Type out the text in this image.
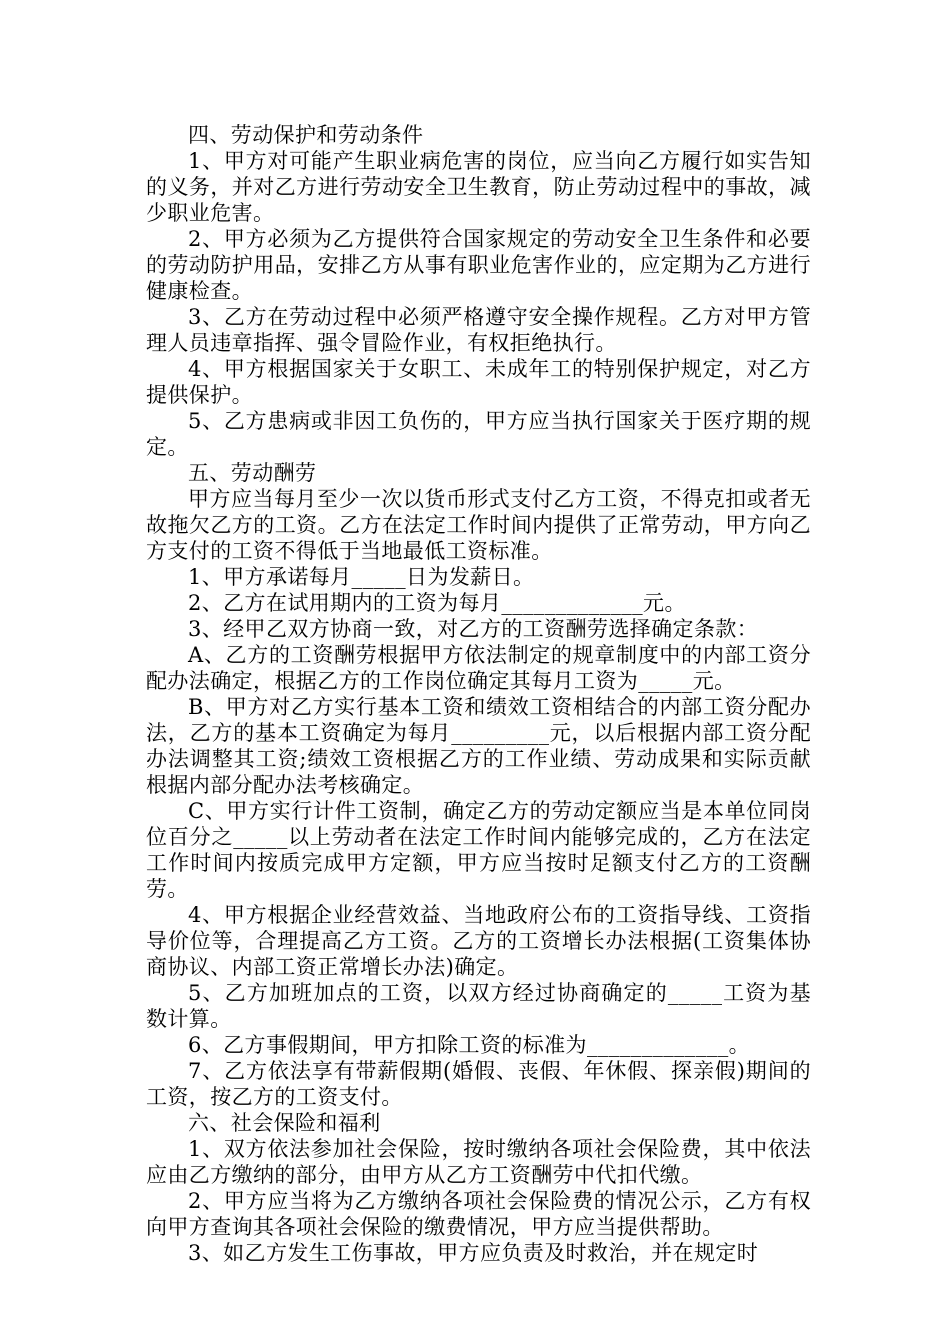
四、劳动保护和劳动条件

1、甲方对可能产生职业病危害的岗位，应当向乙方履行如实告知的义务，并对乙方进行劳动安全卫生教育，防止劳动过程中的事故，减少职业危害。

2、甲方必须为乙方提供符合国家规定的劳动安全卫生条件和必要的劳动防护用品，安排乙方从事有职业危害作业的，应定期为乙方进行健康检查。

3、乙方在劳动过程中必须严格遵守安全操作规程。乙方对甲方管理人员违章指挥、强令冒险作业，有权拒绝执行。

4、甲方根据国家关于女职工、未成年工的特别保护规定，对乙方提供保护。

5、乙方患病或非因工负伤的，甲方应当执行国家关于医疗期的规定。

五、劳动酬劳

甲方应当每月至少一次以货币形式支付乙方工资，不得克扣或者无故拖欠乙方的工资。乙方在法定工作时间内提供了正常劳动，甲方向乙方支付的工资不得低于当地最低工资标准。

1、甲方承诺每月_____日为发薪日。

2、乙方在试用期内的工资为每月_____________元。

3、经甲乙双方协商一致，对乙方的工资酬劳选择确定条款：

A、乙方的工资酬劳根据甲方依法制定的规章制度中的内部工资分配办法确定，根据乙方的工作岗位确定其每月工资为_____元。

B、甲方对乙方实行基本工资和绩效工资相结合的内部工资分配办法，乙方的基本工资确定为每月_________元，以后根据内部工资分配办法调整其工资;绩效工资根据乙方的工作业绩、劳动成果和实际贡献根据内部分配办法考核确定。

C、甲方实行计件工资制，确定乙方的劳动定额应当是本单位同岗位百分之_____以上劳动者在法定工作时间内能够完成的，乙方在法定工作时间内按质完成甲方定额，甲方应当按时足额支付乙方的工资酬劳。

4、甲方根据企业经营效益、当地政府公布的工资指导线、工资指导价位等，合理提高乙方工资。乙方的工资增长办法根据(工资集体协商协议、内部工资正常增长办法)确定。

5、乙方加班加点的工资，以双方经过协商确定的_____工资为基数计算。

6、乙方事假期间，甲方扣除工资的标准为_____________。

7、乙方依法享有带薪假期(婚假、丧假、年休假、探亲假)期间的工资，按乙方的工资支付。

六、社会保险和福利

1、双方依法参加社会保险，按时缴纳各项社会保险费，其中依法应由乙方缴纳的部分，由甲方从乙方工资酬劳中代扣代缴。

2、甲方应当将为乙方缴纳各项社会保险费的情况公示，乙方有权向甲方查询其各项社会保险的缴费情况，甲方应当提供帮助。

3、如乙方发生工伤事故，甲方应负责及时救治，并在规定时
